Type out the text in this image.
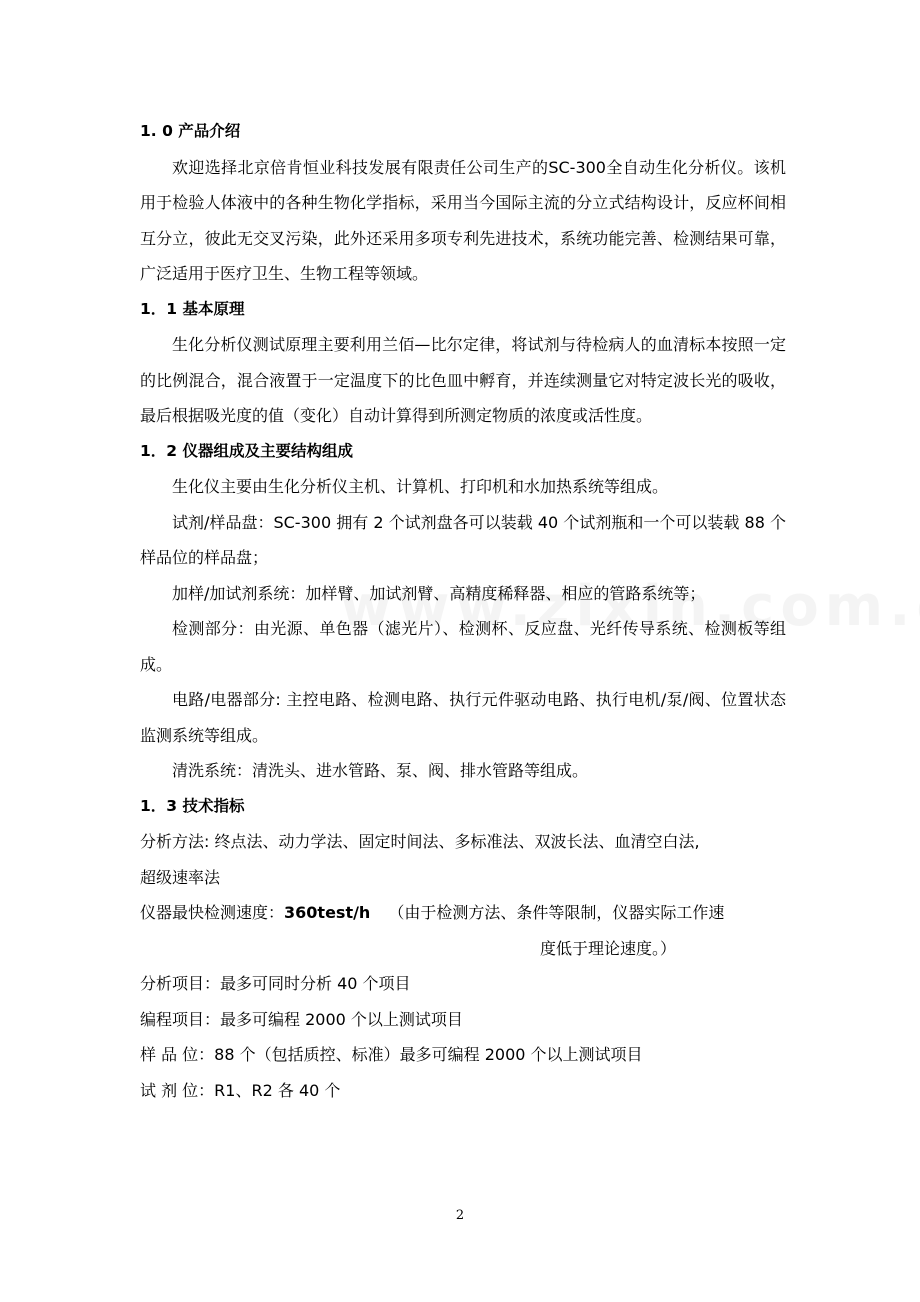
1. 0 产品介绍

欢迎选择北京倍肯恒业科技发展有限责任公司生产的SC-300全自动生化分析仪。该机用于检验人体液中的各种生物化学指标，采用当今国际主流的分立式结构设计，反应杯间相互分立，彼此无交叉污染，此外还采用多项专利先进技术，系统功能完善、检测结果可靠，广泛适用于医疗卫生、生物工程等领域。

1．1 基本原理

生化分析仪测试原理主要利用兰佰—比尔定律，将试剂与待检病人的血清标本按照一定的比例混合，混合液置于一定温度下的比色皿中孵育，并连续测量它对特定波长光的吸收，最后根据吸光度的值（变化）自动计算得到所测定物质的浓度或活性度。

1．2 仪器组成及主要结构组成

生化仪主要由生化分析仪主机、计算机、打印机和水加热系统等组成。

试剂/样品盘：SC-300 拥有 2 个试剂盘各可以装载 40 个试剂瓶和一个可以装载 88 个样品位的样品盘；

加样/加试剂系统：加样臂、加试剂臂、高精度稀释器、相应的管路系统等；

检测部分：由光源、单色器（滤光片）、检测杯、反应盘、光纤传导系统、检测板等组成。

电路/电器部分: 主控电路、检测电路、执行元件驱动电路、执行电机/泵/阀、位置状态监测系统等组成。

清洗系统：清洗头、进水管路、泵、阀、排水管路等组成。

1．3 技术指标

分析方法: 终点法、动力学法、固定时间法、多标准法、双波长法、血清空白法,

超级速率法

仪器最快检测速度：360test/h （由于检测方法、条件等限制，仪器实际工作速

度低于理论速度。）

分析项目：最多可同时分析 40 个项目

编程项目：最多可编程 2000 个以上测试项目

样 品 位：88 个（包括质控、标准）最多可编程 2000 个以上测试项目

试 剂 位：R1、R2 各 40 个

2
